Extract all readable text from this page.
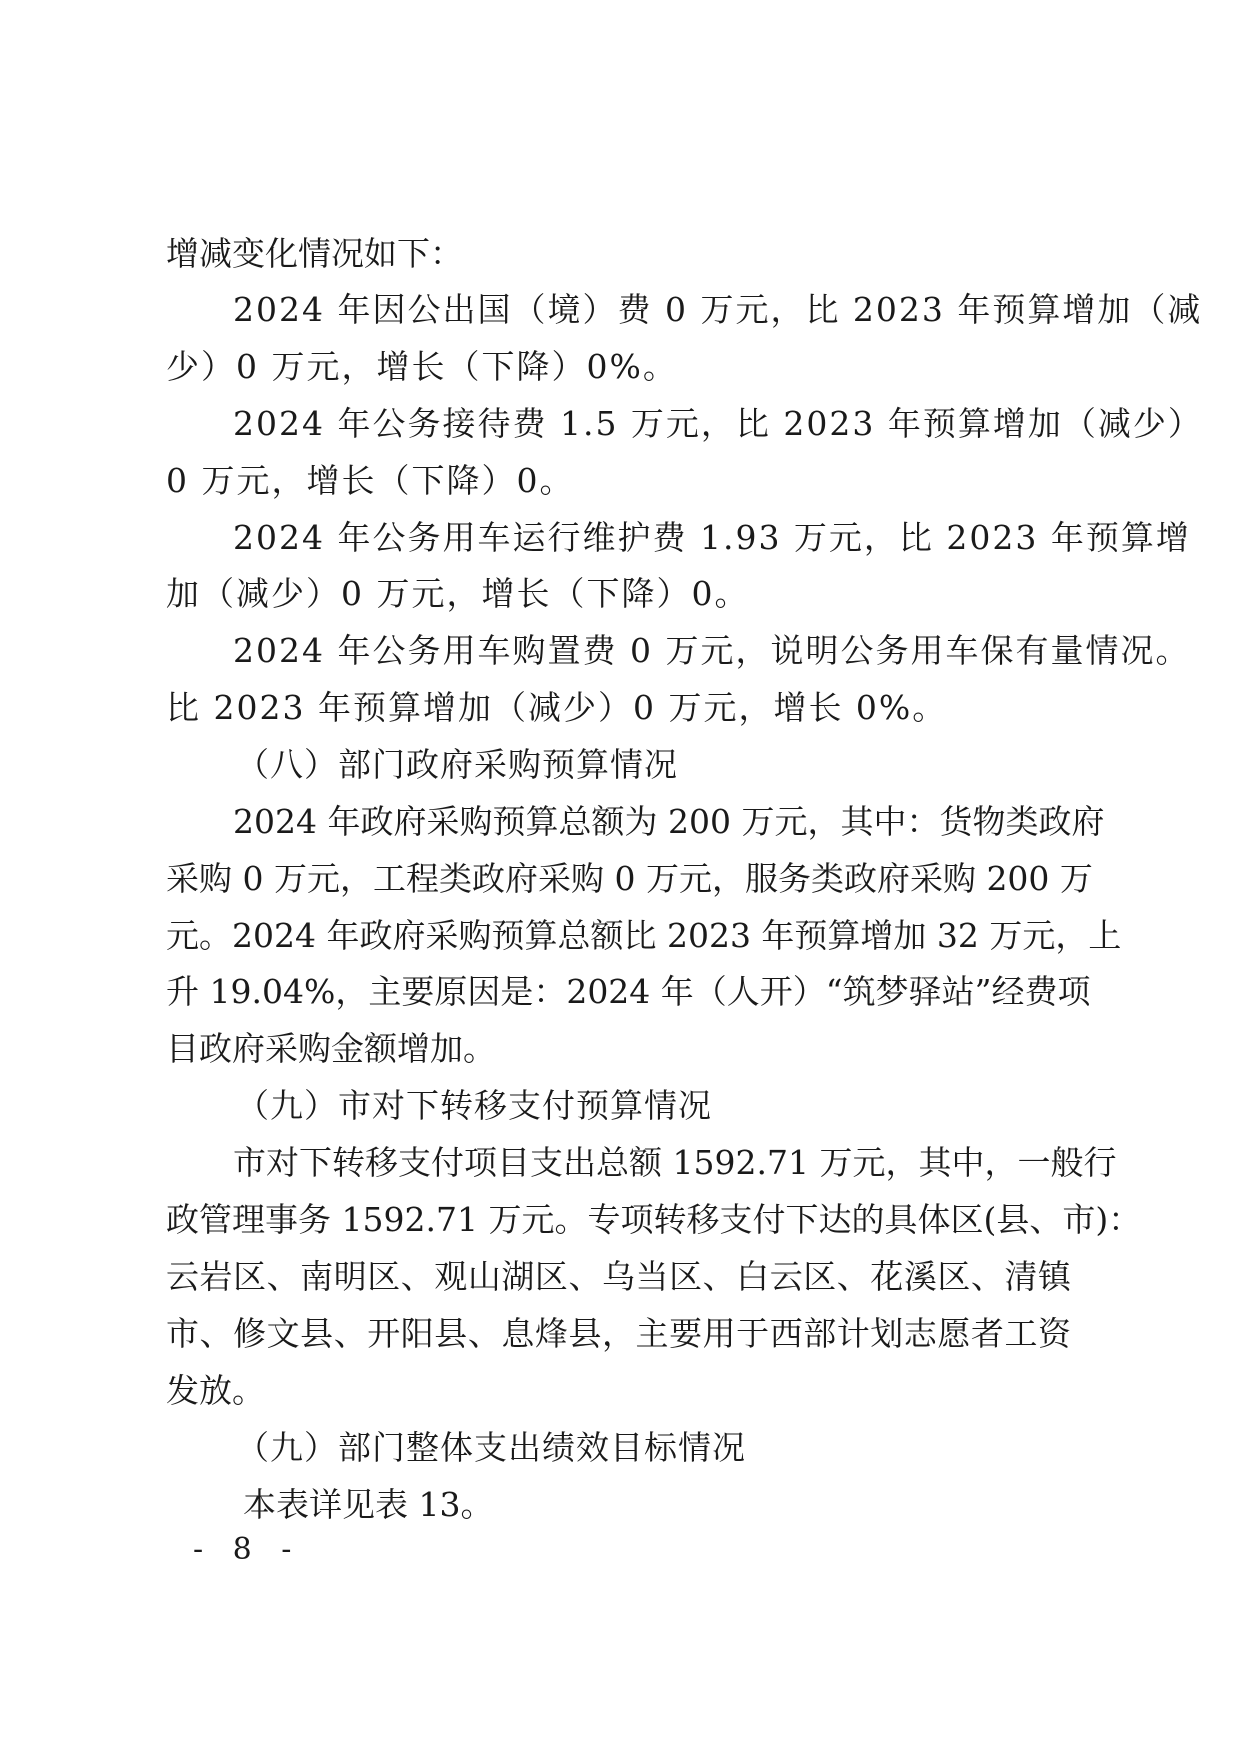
增减变化情况如下：
2024 年因公出国（境）费 0 万元，比 2023 年预算增加（减
少）0 万元，增长（下降）0%。
2024 年公务接待费 1.5 万元，比 2023 年预算增加（减少）
0 万元，增长（下降）0。
2024 年公务用车运行维护费 1.93 万元，比 2023 年预算增
加（减少）0 万元，增长（下降）0。
2024 年公务用车购置费 0 万元，说明公务用车保有量情况。
比 2023 年预算增加（减少）0 万元，增长 0%。
（八）部门政府采购预算情况
2024 年政府采购预算总额为 200 万元，其中：货物类政府
采购 0 万元，工程类政府采购 0 万元，服务类政府采购 200 万
元。2024 年政府采购预算总额比 2023 年预算增加 32 万元，上
升 19.04%，主要原因是：2024 年（人开）“筑梦驿站”经费项
目政府采购金额增加。
（九）市对下转移支付预算情况
市对下转移支付项目支出总额 1592.71 万元，其中，一般行
政管理事务 1592.71 万元。专项转移支付下达的具体区(县、市)：
云岩区、南明区、观山湖区、乌当区、白云区、花溪区、清镇
市、修文县、开阳县、息烽县，主要用于西部计划志愿者工资
发放。
（九）部门整体支出绩效目标情况
本表详见表 13。
- 8 -
